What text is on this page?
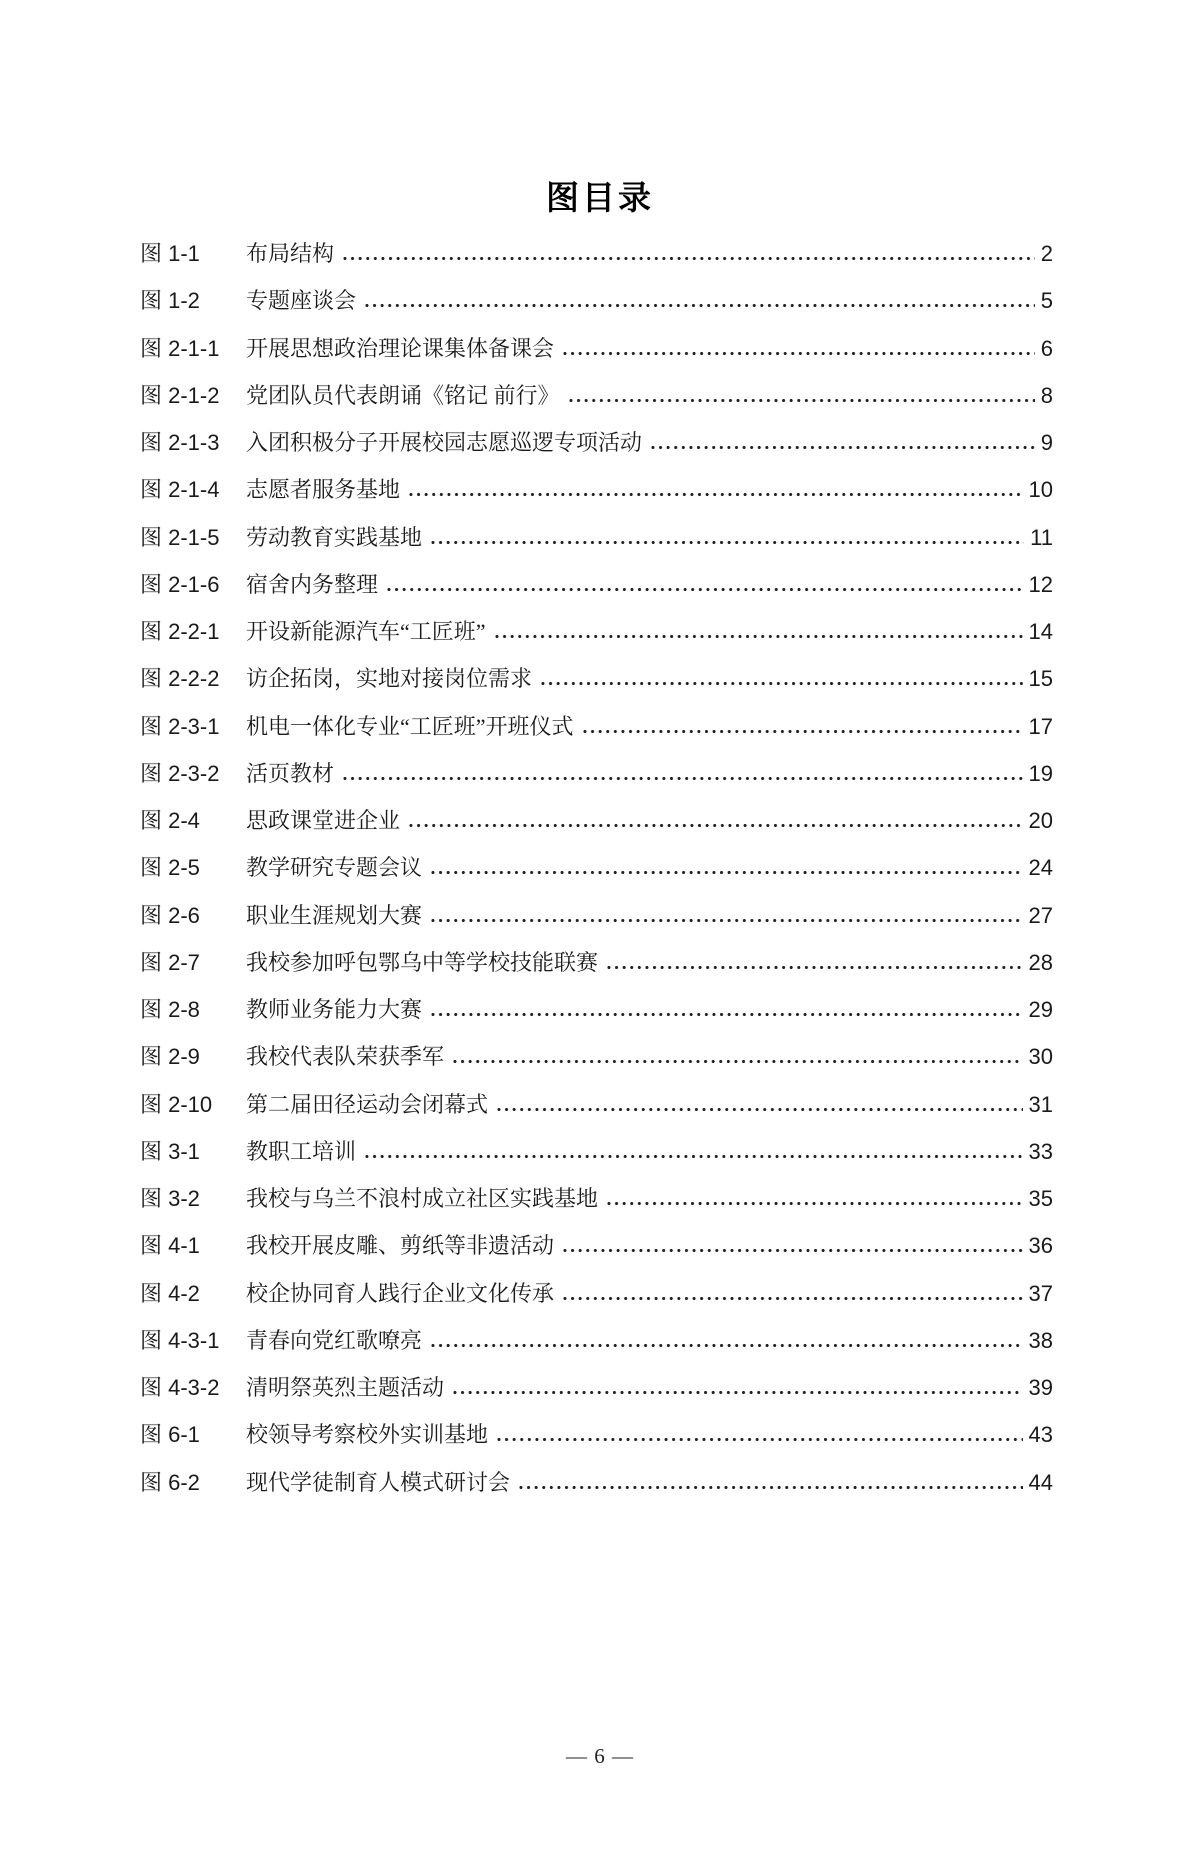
图目录
图 1-1	布局结构	2
图 1-2	专题座谈会	5
图 2-1-1	开展思想政治理论课集体备课会	6
图 2-1-2	党团队员代表朗诵《铭记 前行》	8
图 2-1-3	入团积极分子开展校园志愿巡逻专项活动	9
图 2-1-4	志愿者服务基地	10
图 2-1-5	劳动教育实践基地	11
图 2-1-6	宿舍内务整理	12
图 2-2-1	开设新能源汽车“工匠班”	14
图 2-2-2	访企拓岗，实地对接岗位需求	15
图 2-3-1	机电一体化专业“工匠班”开班仪式	17
图 2-3-2	活页教材	19
图 2-4	思政课堂进企业	20
图 2-5	教学研究专题会议	24
图 2-6	职业生涯规划大赛	27
图 2-7	我校参加呼包鄂乌中等学校技能联赛	28
图 2-8	教师业务能力大赛	29
图 2-9	我校代表队荣获季军	30
图 2-10	第二届田径运动会闭幕式	31
图 3-1	教职工培训	33
图 3-2	我校与乌兰不浪村成立社区实践基地	35
图 4-1	我校开展皮雕、剪纸等非遗活动	36
图 4-2	校企协同育人践行企业文化传承	37
图 4-3-1	青春向党红歌嘹亮	38
图 4-3-2	清明祭英烈主题活动	39
图 6-1	校领导考察校外实训基地	43
图 6-2	现代学徒制育人模式研讨会	44
— 6 —
